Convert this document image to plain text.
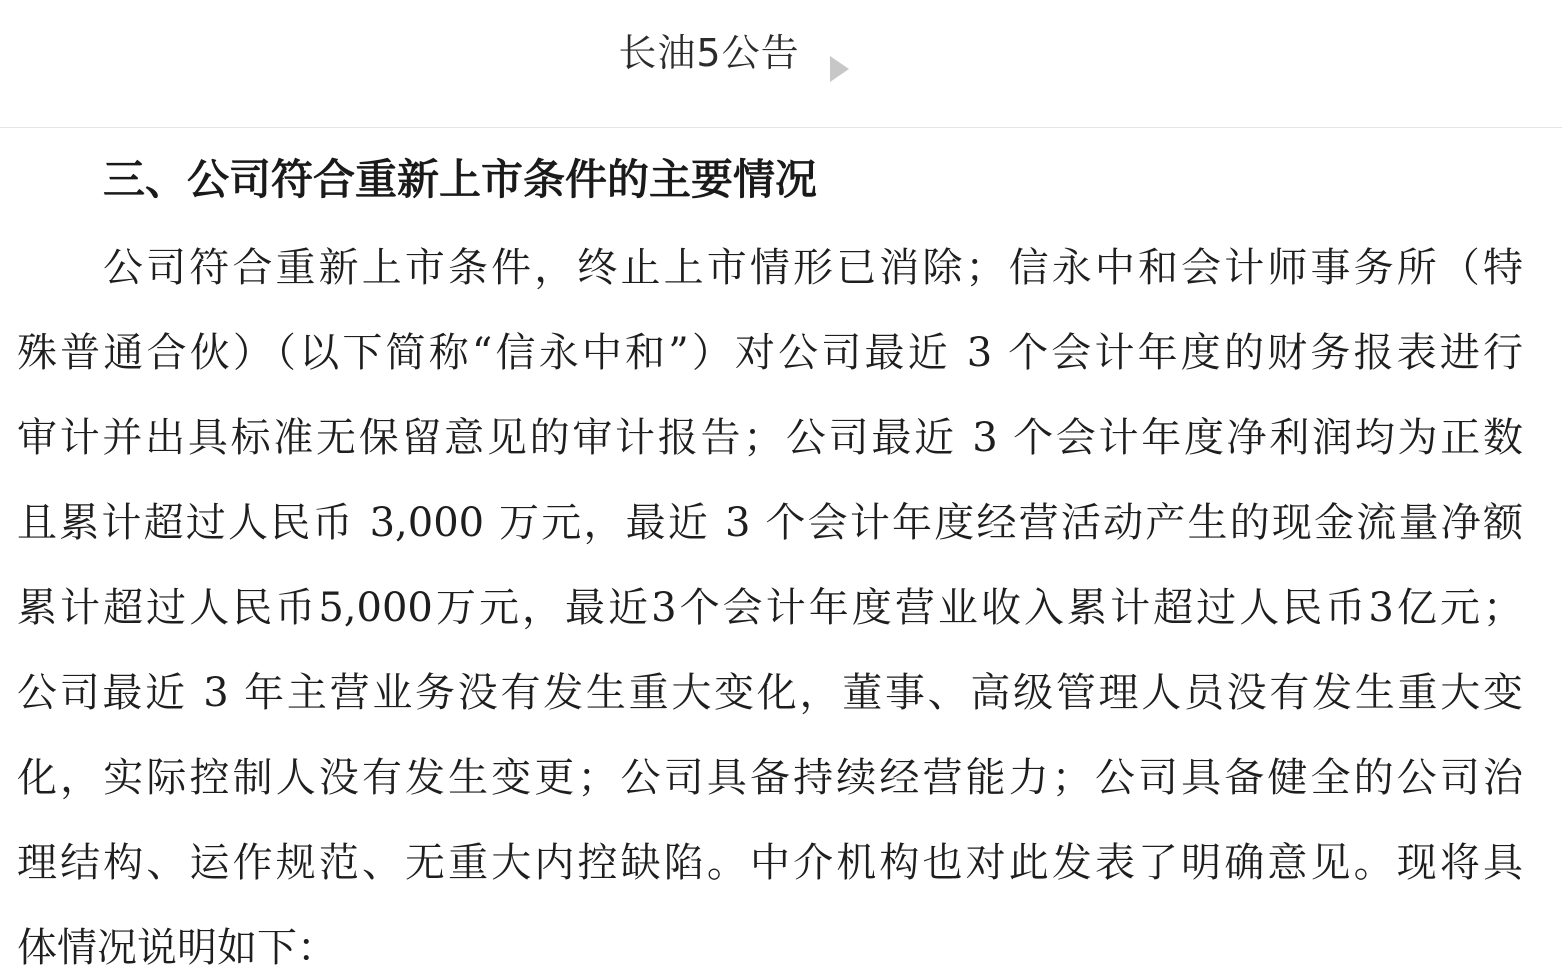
长油5公告
三、公司符合重新上市条件的主要情况
公司符合重新上市条件，终止上市情形已消除；信永中和会计师事务所（特
殊普通合伙）（以下简称“信永中和”）对公司最近 3 个会计年度的财务报表进行
审计并出具标准无保留意见的审计报告；公司最近 3 个会计年度净利润均为正数
且累计超过人民币 3,000 万元，最近 3 个会计年度经营活动产生的现金流量净额
累计超过人民币5,000万元，最近3个会计年度营业收入累计超过人民币3亿元；
公司最近 3 年主营业务没有发生重大变化，董事、高级管理人员没有发生重大变
化，实际控制人没有发生变更；公司具备持续经营能力；公司具备健全的公司治
理结构、运作规范、无重大内控缺陷。中介机构也对此发表了明确意见。现将具
体情况说明如下：
